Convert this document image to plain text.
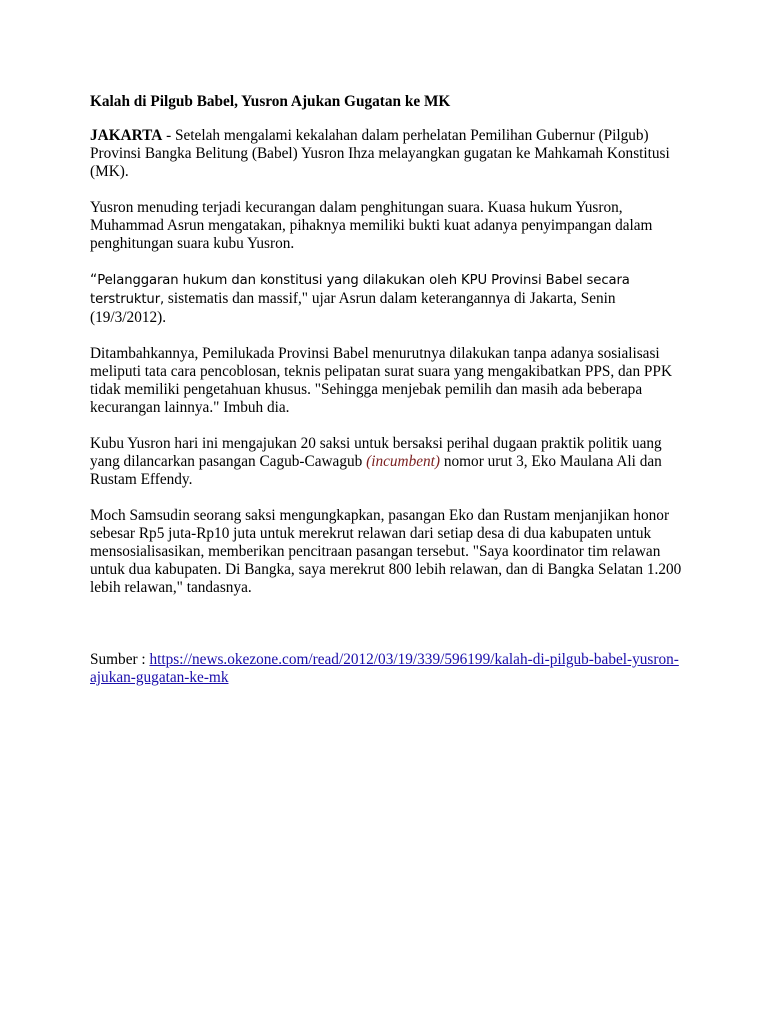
Kalah di Pilgub Babel, Yusron Ajukan Gugatan ke MK

JAKARTA - Setelah mengalami kekalahan dalam perhelatan Pemilihan Gubernur (Pilgub) Provinsi Bangka Belitung (Babel) Yusron Ihza melayangkan gugatan ke Mahkamah Konstitusi (MK).

Yusron menuding terjadi kecurangan dalam penghitungan suara. Kuasa hukum Yusron, Muhammad Asrun mengatakan, pihaknya memiliki bukti kuat adanya penyimpangan dalam penghitungan suara kubu Yusron.

“Pelanggaran hukum dan konstitusi yang dilakukan oleh KPU Provinsi Babel secara terstruktur, sistematis dan massif," ujar Asrun dalam keterangannya di Jakarta, Senin (19/3/2012).

Ditambahkannya, Pemilukada Provinsi Babel menurutnya dilakukan tanpa adanya sosialisasi meliputi tata cara pencoblosan, teknis pelipatan surat suara yang mengakibatkan PPS, dan PPK tidak memiliki pengetahuan khusus. "Sehingga menjebak pemilih dan masih ada beberapa kecurangan lainnya." Imbuh dia.

Kubu Yusron hari ini mengajukan 20 saksi untuk bersaksi perihal dugaan praktik politik uang yang dilancarkan pasangan Cagub-Cawagub (incumbent) nomor urut 3, Eko Maulana Ali dan Rustam Effendy.

Moch Samsudin seorang saksi mengungkapkan, pasangan Eko dan Rustam menjanjikan honor sebesar Rp5 juta-Rp10 juta untuk merekrut relawan dari setiap desa di dua kabupaten untuk mensosialisasikan, memberikan pencitraan pasangan tersebut. "Saya koordinator tim relawan untuk dua kabupaten. Di Bangka, saya merekrut 800 lebih relawan, dan di Bangka Selatan 1.200 lebih relawan," tandasnya.

Sumber : https://news.okezone.com/read/2012/03/19/339/596199/kalah-di-pilgub-babel-yusron-ajukan-gugatan-ke-mk
